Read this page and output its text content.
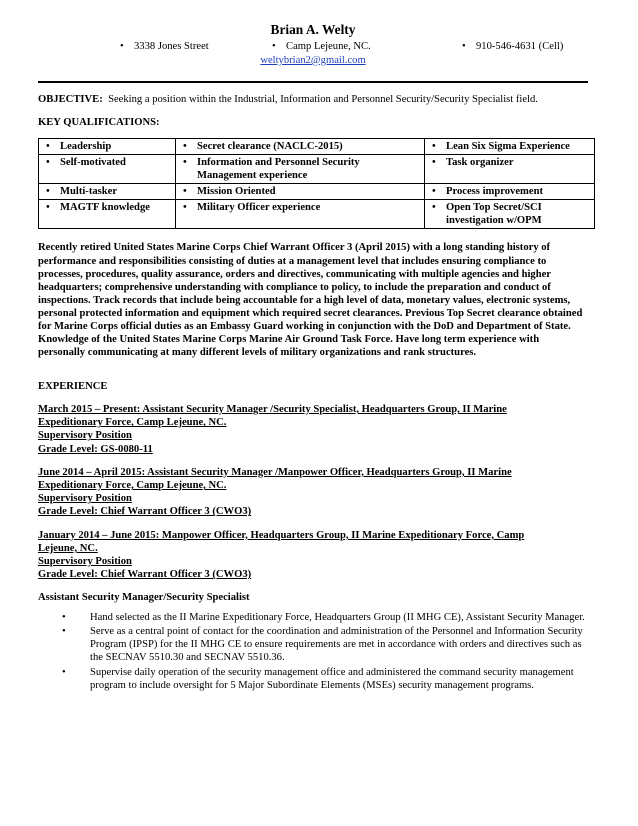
Brian A. Welty
• 3338 Jones Street	• Camp Lejeune, NC.	• 910-546-4631 (Cell)
weltybrian2@gmail.com

OBJECTIVE: Seeking a position within the Industrial, Information and Personnel Security/Security Specialist field.

KEY QUALIFICATIONS:

• Leadership	• Secret clearance (NACLC-2015)	• Lean Six Sigma Experience

• Self-motivated	• Information and Personnel Security Management experience	• Task organizer

• Multi-tasker	• Mission Oriented	• Process improvement

• MAGTF knowledge	• Military Officer experience	• Open Top Secret/SCI investigation w/OPM

Recently retired United States Marine Corps Chief Warrant Officer 3 (April 2015) with a long standing history of performance and responsibilities consisting of duties at a management level that includes ensuring compliance to processes, procedures, quality assurance, orders and directives, communicating with multiple agencies and higher headquarters; comprehensive understanding with compliance to policy, to include the preparation and conduct of inspections. Track records that include being accountable for a high level of data, monetary values, electronic systems, personal protected information and equipment which required secret clearances. Previous Top Secret clearance obtained for Marine Corps official duties as an Embassy Guard working in conjunction with the DoD and Department of State. Knowledge of the United States Marine Corps Marine Air Ground Task Force. Have long term experience with personally communicating at many different levels of military organizations and rank structures.

EXPERIENCE

March 2015 – Present: Assistant Security Manager /Security Specialist, Headquarters Group, II Marine

Expeditionary Force, Camp Lejeune, NC.

Supervisory Position

Grade Level: GS-0080-11

June 2014 – April 2015: Assistant Security Manager /Manpower Officer, Headquarters Group, II Marine

Expeditionary Force, Camp Lejeune, NC.

Supervisory Position

Grade Level: Chief Warrant Officer 3 (CWO3)

January 2014 – June 2015: Manpower Officer, Headquarters Group, II Marine Expeditionary Force, Camp

Lejeune, NC.

Supervisory Position

Grade Level: Chief Warrant Officer 3 (CWO3)

Assistant Security Manager/Security Specialist

•	Hand selected as the II Marine Expeditionary Force, Headquarters Group (II MHG CE), Assistant Security Manager.
•	Serve as a central point of contact for the coordination and administration of the Personnel and Information Security Program (IPSP) for the II MHG CE to ensure requirements are met in accordance with orders and directives such as the SECNAV 5510.30 and SECNAV 5510.36.
•	Supervise daily operation of the security management office and administered the command security management program to include oversight for 5 Major Subordinate Elements (MSEs) security management programs.
